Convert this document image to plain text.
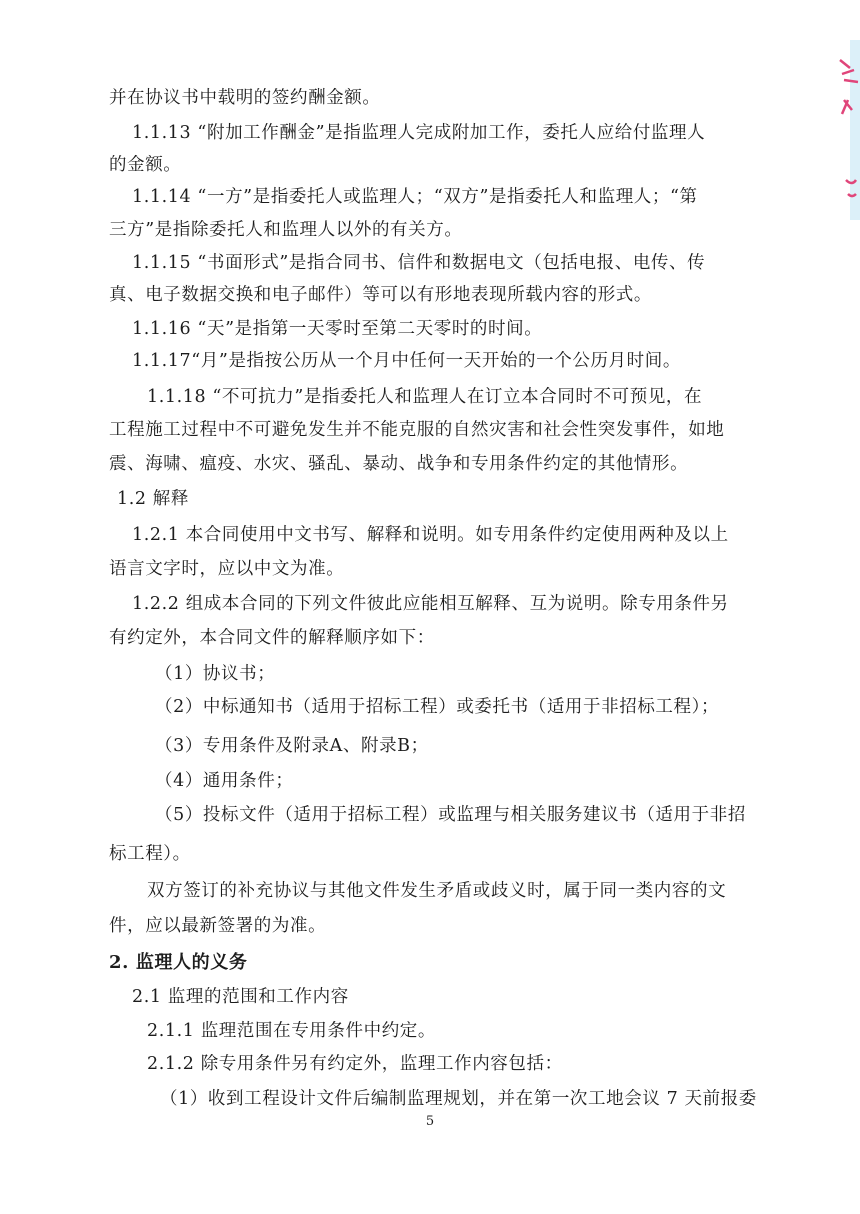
并在协议书中载明的签约酬金额。
1.1.13 “附加工作酬金”是指监理人完成附加工作，委托人应给付监理人
的金额。
1.1.14 “一方”是指委托人或监理人；“双方”是指委托人和监理人；“第
三方”是指除委托人和监理人以外的有关方。
1.1.15 “书面形式”是指合同书、信件和数据电文（包括电报、电传、传
真、电子数据交换和电子邮件）等可以有形地表现所载内容的形式。
1.1.16 “天”是指第一天零时至第二天零时的时间。
1.1.17“月”是指按公历从一个月中任何一天开始的一个公历月时间。
1.1.18 “不可抗力”是指委托人和监理人在订立本合同时不可预见，在
工程施工过程中不可避免发生并不能克服的自然灾害和社会性突发事件，如地
震、海啸、瘟疫、水灾、骚乱、暴动、战争和专用条件约定的其他情形。
1.2 解释
1.2.1 本合同使用中文书写、解释和说明。如专用条件约定使用两种及以上
语言文字时，应以中文为准。
1.2.2 组成本合同的下列文件彼此应能相互解释、互为说明。除专用条件另
有约定外，本合同文件的解释顺序如下：
（1）协议书；
（2）中标通知书（适用于招标工程）或委托书（适用于非招标工程）；
（3）专用条件及附录A、附录B；
（4）通用条件；
（5）投标文件（适用于招标工程）或监理与相关服务建议书（适用于非招
标工程）。
双方签订的补充协议与其他文件发生矛盾或歧义时，属于同一类内容的文
件，应以最新签署的为准。
2. 监理人的义务
2.1 监理的范围和工作内容
2.1.1 监理范围在专用条件中约定。
2.1.2 除专用条件另有约定外，监理工作内容包括：
（1）收到工程设计文件后编制监理规划，并在第一次工地会议 7 天前报委
5
